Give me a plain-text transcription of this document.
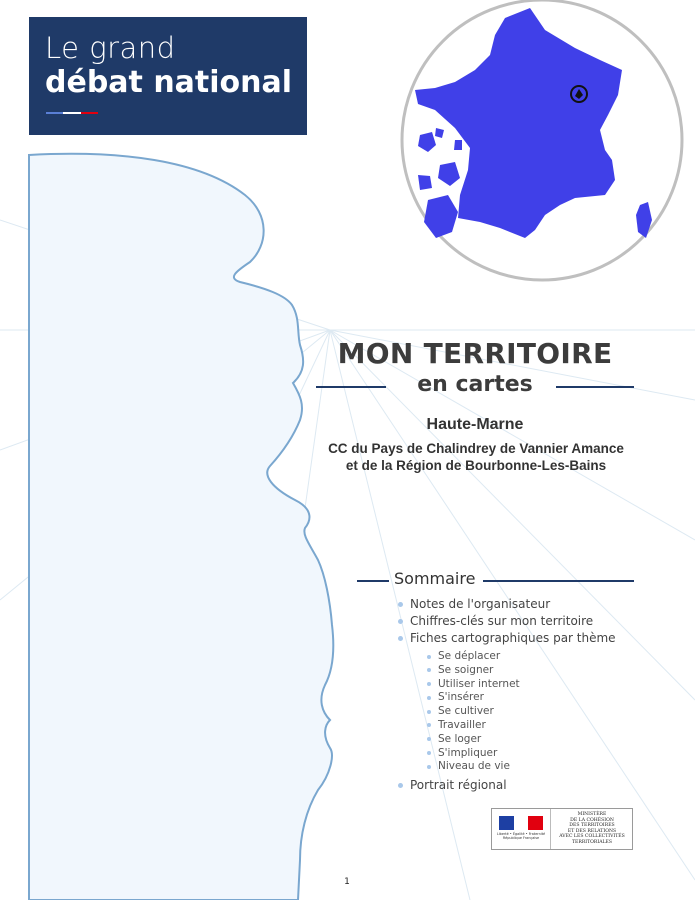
Le grand
débat national
MON TERRITOIRE
en cartes
Haute-Marne
CC du Pays de Chalindrey de Vannier Amance et de la Région de Bourbonne-Les-Bains
Sommaire
Notes de l'organisateur
Chiffres-clés sur mon territoire
Fiches cartographiques par thème
Se déplacer
Se soigner
Utiliser internet
S'insérer
Se cultiver
Travailler
Se loger
S'impliquer
Niveau de vie
Portrait régional
Liberté • Égalité • Fraternité
République Française
MINISTÈRE
DE LA COHÉSION
DES TERRITOIRES
ET DES RELATIONS
AVEC LES COLLECTIVITÉS
TERRITORIALES
1
